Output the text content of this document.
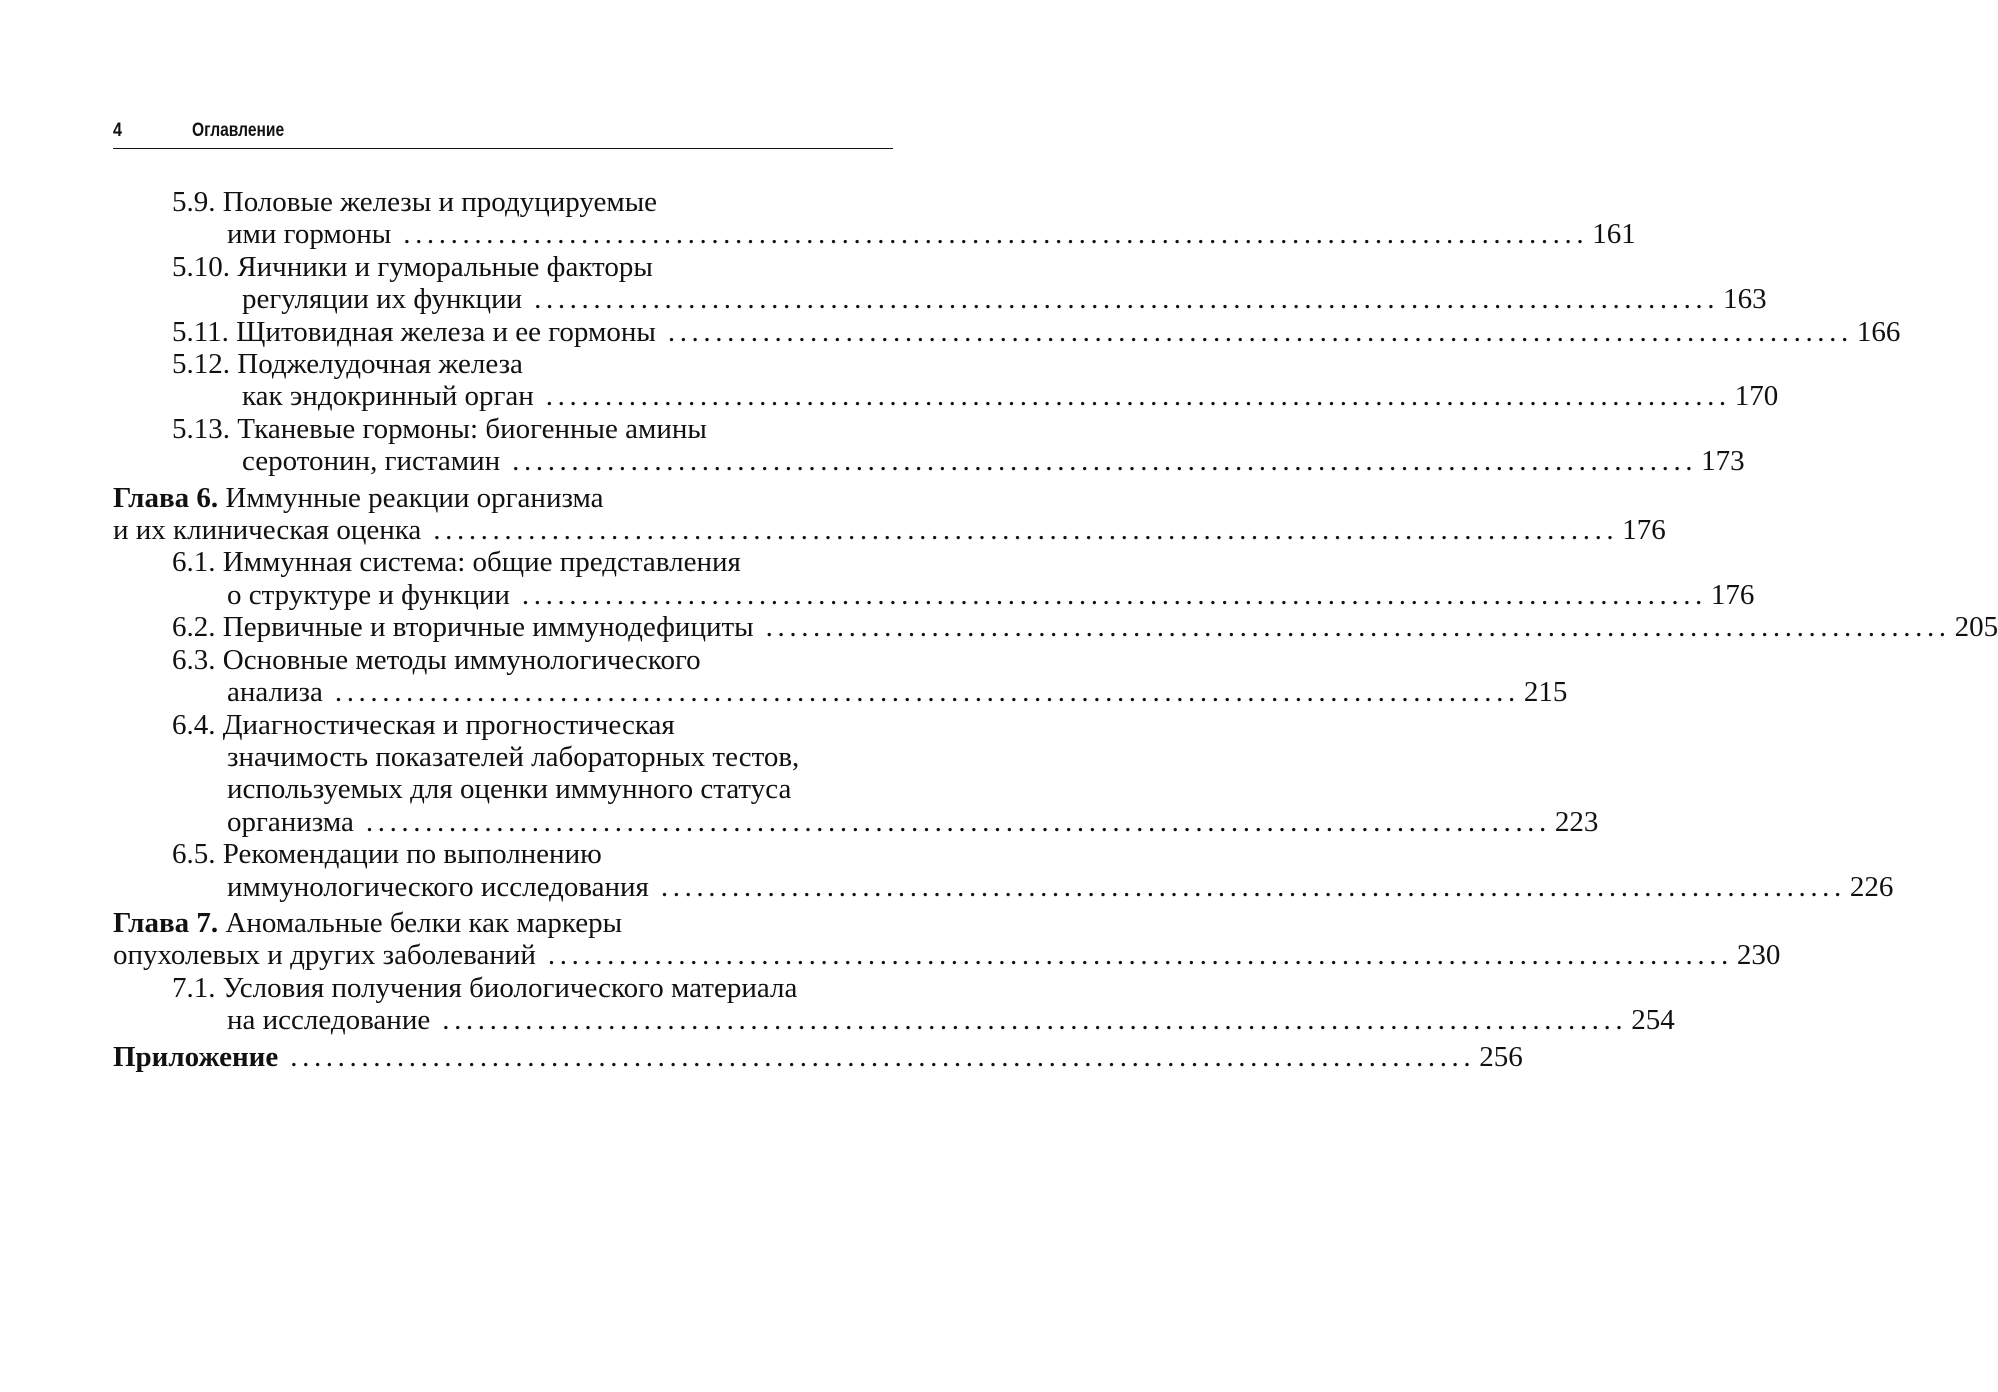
4	Оглавление
5.9. Половые железы и продуцируемые
ими гормоны .................................................................................................... 161
5.10. Яичники и гуморальные факторы
регуляции их функции .................................................................................................... 163
5.11. Щитовидная железа и ее гормоны .................................................................................................... 166
5.12. Поджелудочная железа
как эндокринный орган .................................................................................................... 170
5.13. Тканевые гормоны: биогенные амины
серотонин, гистамин .................................................................................................... 173
Глава 6. Иммунные реакции организма
и их клиническая оценка .................................................................................................... 176
6.1. Иммунная система: общие представления
о структуре и функции .................................................................................................... 176
6.2. Первичные и вторичные иммунодефициты .................................................................................................... 205
6.3. Основные методы иммунологического
анализа .................................................................................................... 215
6.4. Диагностическая и прогностическая
значимость показателей лабораторных тестов,
используемых для оценки иммунного статуса
организма .................................................................................................... 223
6.5. Рекомендации по выполнению
иммунологического исследования .................................................................................................... 226
Глава 7. Аномальные белки как маркеры
опухолевых и других заболеваний .................................................................................................... 230
7.1. Условия получения биологического материала
на исследование .................................................................................................... 254
Приложение .................................................................................................... 256
